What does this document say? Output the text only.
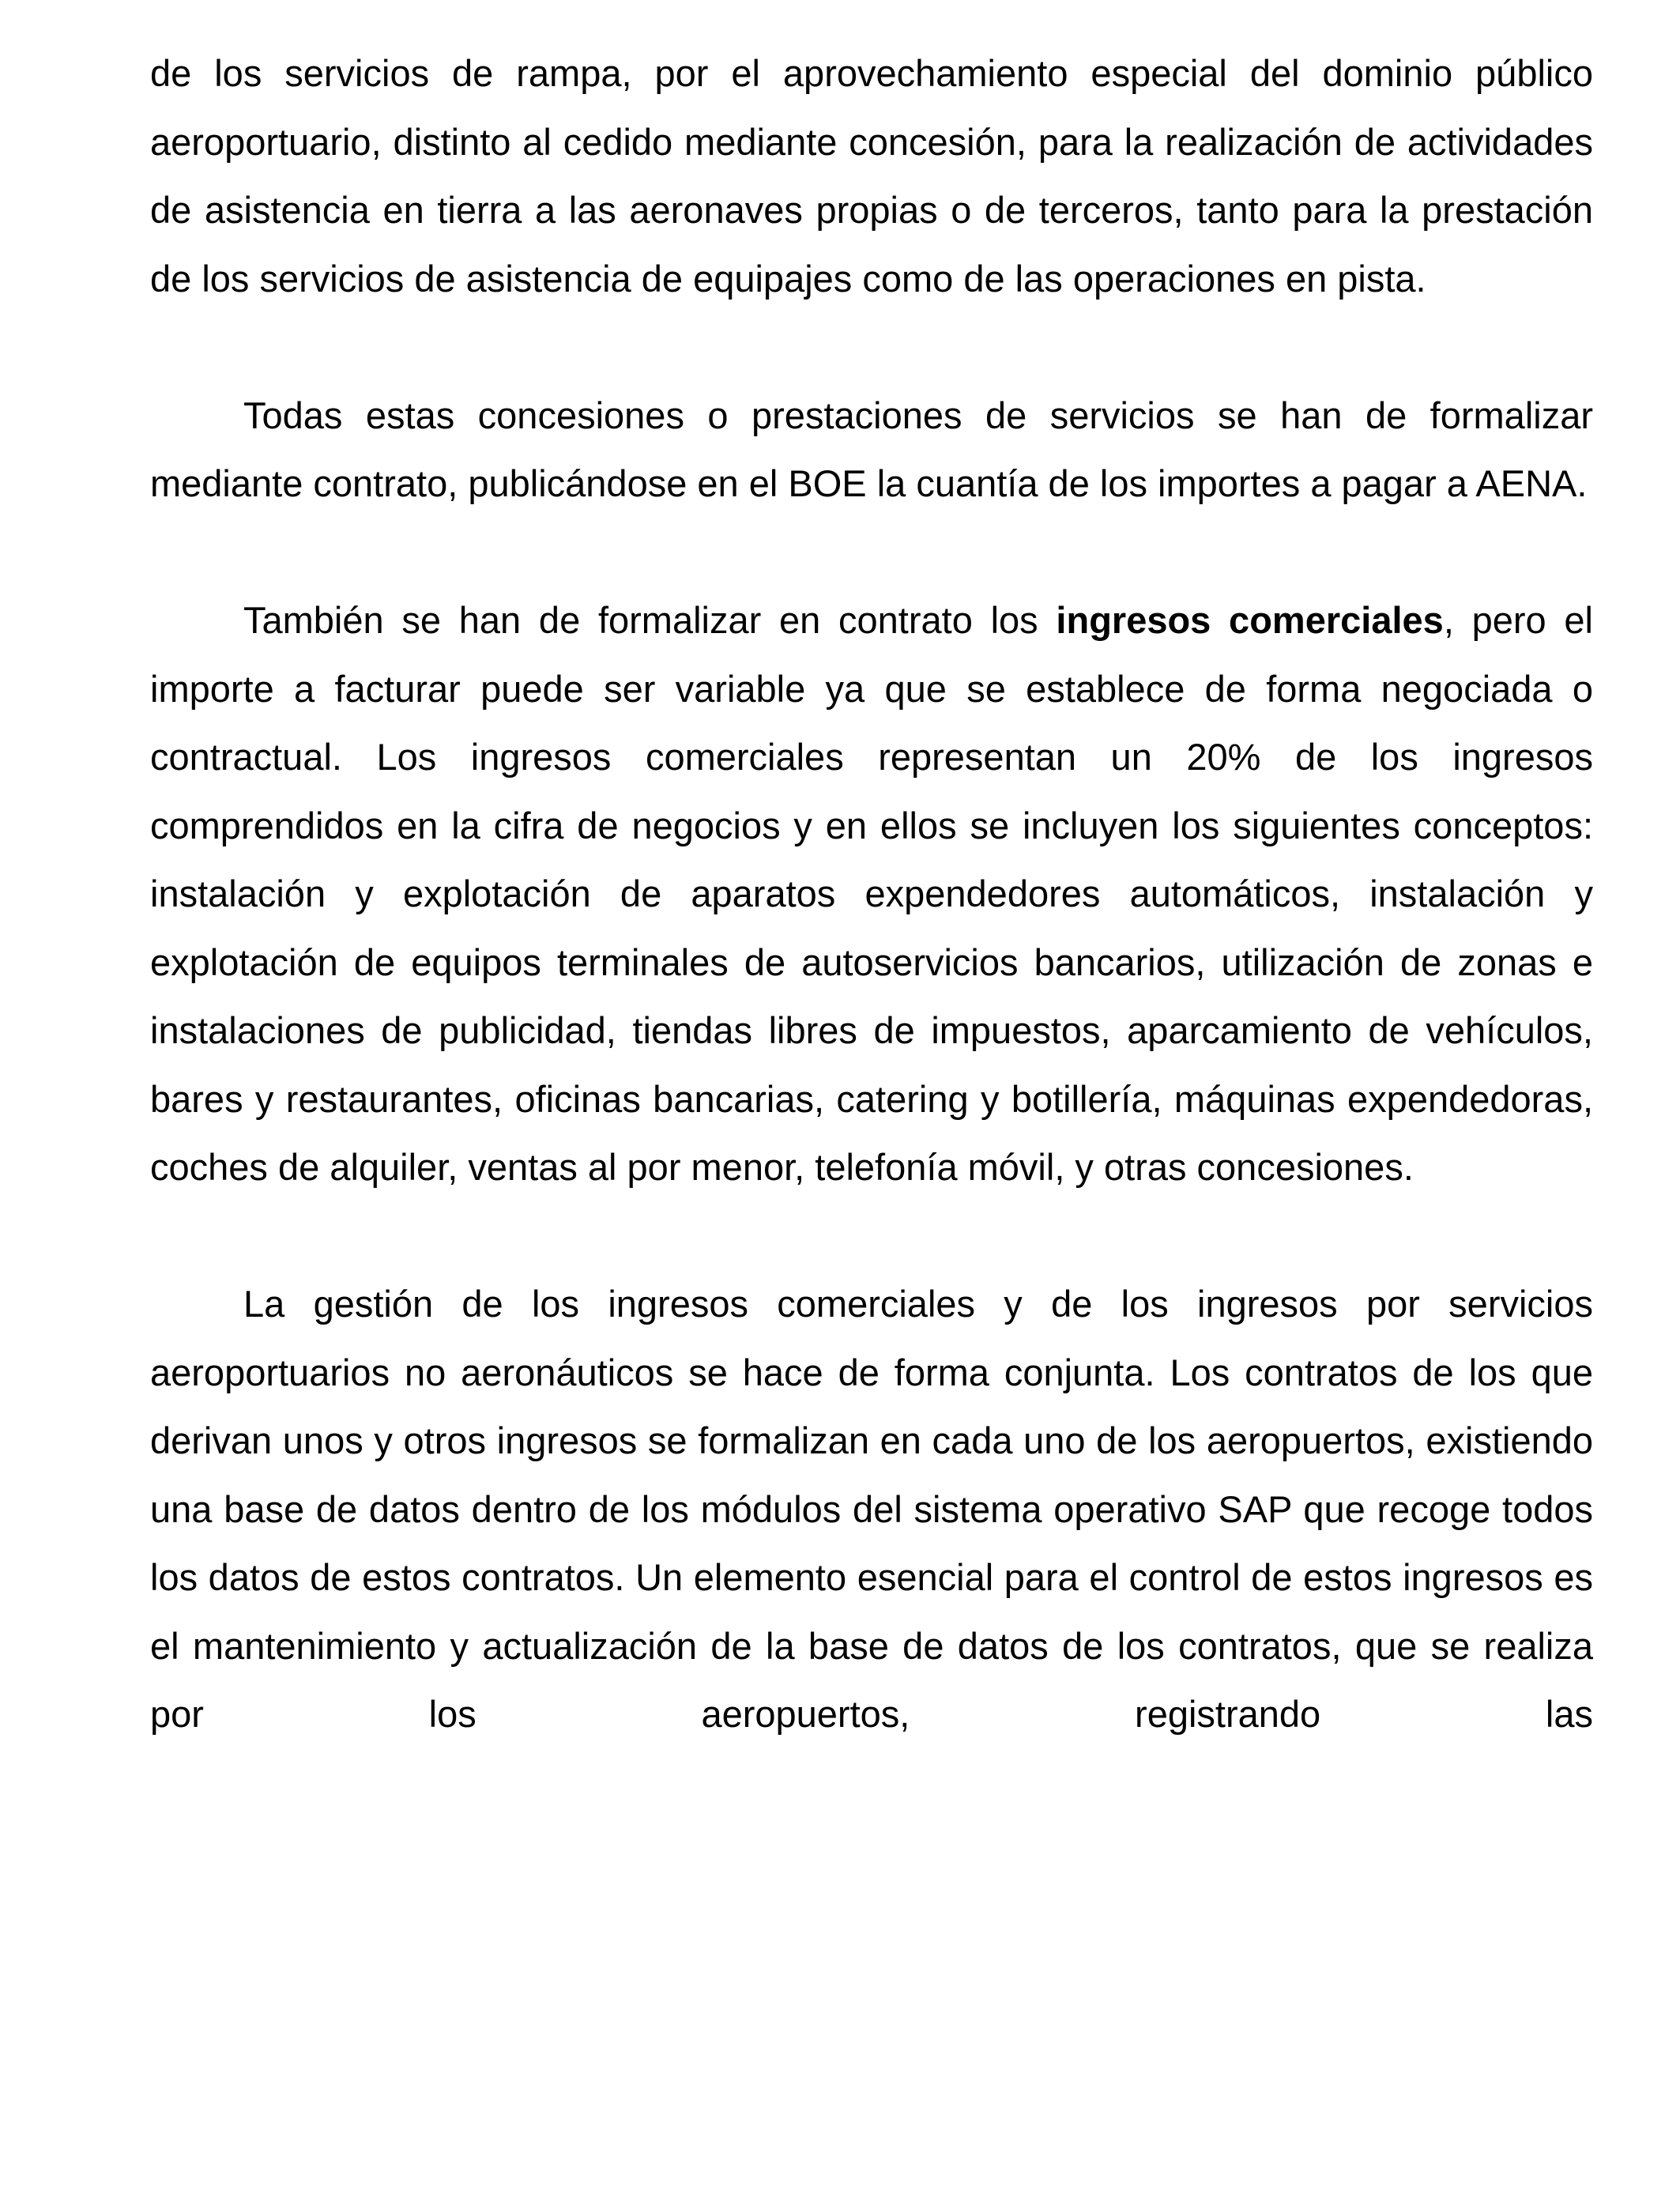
de los servicios de rampa, por el aprovechamiento especial del dominio público aeroportuario, distinto al cedido mediante concesión, para la realización de actividades de asistencia en tierra a las aeronaves propias o de terceros, tanto para la prestación de los servicios de asistencia de equipajes como de las operaciones en pista.

Todas estas concesiones o prestaciones de servicios se han de formalizar mediante contrato, publicándose en el BOE la cuantía de los importes a pagar a AENA.

También se han de formalizar en contrato los ingresos comerciales, pero el importe a facturar puede ser variable ya que se establece de forma negociada o contractual. Los ingresos comerciales representan un 20% de los ingresos comprendidos en la cifra de negocios y en ellos se incluyen los siguientes conceptos: instalación y explotación de aparatos expendedores automáticos, instalación y explotación de equipos terminales de autoservicios bancarios, utilización de zonas e instalaciones de publicidad, tiendas libres de impuestos, aparcamiento de vehículos, bares y restaurantes, oficinas bancarias, catering y botillería, máquinas expendedoras, coches de alquiler, ventas al por menor, telefonía móvil, y otras concesiones.

La gestión de los ingresos comerciales y de los ingresos por servicios aeroportuarios no aeronáuticos se hace de forma conjunta. Los contratos de los que derivan unos y otros ingresos se formalizan en cada uno de los aeropuertos, existiendo una base de datos dentro de los módulos del sistema operativo SAP que recoge todos los datos de estos contratos. Un elemento esencial para el control de estos ingresos es el mantenimiento y actualización de la base de datos de los contratos, que se realiza por los aeropuertos, registrando las
